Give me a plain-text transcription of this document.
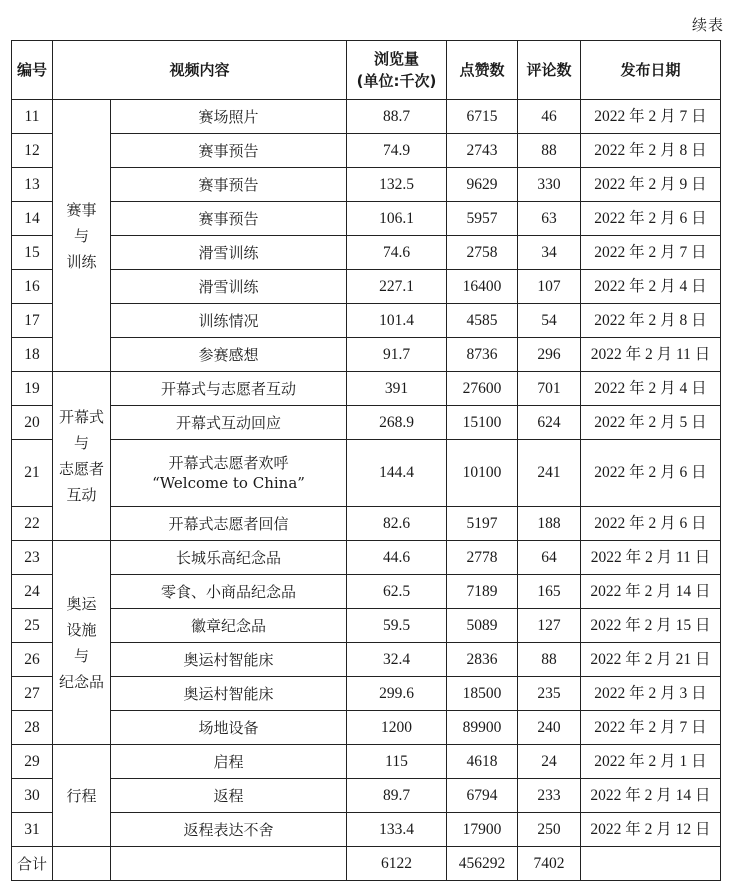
续表
编号	视频内容		浏览量
(单位:千次)	点赞数	评论数	发布日期
11	赛事
与
训练	赛场照片	88.7	6715	46	2022 年 2 月 7 日
12		赛事预告	74.9	2743	88	2022 年 2 月 8 日
13		赛事预告	132.5	9629	330	2022 年 2 月 9 日
14		赛事预告	106.1	5957	63	2022 年 2 月 6 日
15		滑雪训练	74.6	2758	34	2022 年 2 月 7 日
16		滑雪训练	227.1	16400	107	2022 年 2 月 4 日
17		训练情况	101.4	4585	54	2022 年 2 月 8 日
18		参赛感想	91.7	8736	296	2022 年 2 月 11 日
19	开幕式
与
志愿者
互动	开幕式与志愿者互动	391	27600	701	2022 年 2 月 4 日
20		开幕式互动回应	268.9	15100	624	2022 年 2 月 5 日
21		开幕式志愿者欢呼
“Welcome to China”	144.4	10100	241	2022 年 2 月 6 日
22		开幕式志愿者回信	82.6	5197	188	2022 年 2 月 6 日
23	奥运
设施
与
纪念品	长城乐高纪念品	44.6	2778	64	2022 年 2 月 11 日
24		零食、小商品纪念品	62.5	7189	165	2022 年 2 月 14 日
25		徽章纪念品	59.5	5089	127	2022 年 2 月 15 日
26		奥运村智能床	32.4	2836	88	2022 年 2 月 21 日
27		奥运村智能床	299.6	18500	235	2022 年 2 月 3 日
28		场地设备	1200	89900	240	2022 年 2 月 7 日
29	行程	启程	115	4618	24	2022 年 2 月 1 日
30		返程	89.7	6794	233	2022 年 2 月 14 日
31		返程表达不舍	133.4	17900	250	2022 年 2 月 12 日
合计			6122	456292	7402	
